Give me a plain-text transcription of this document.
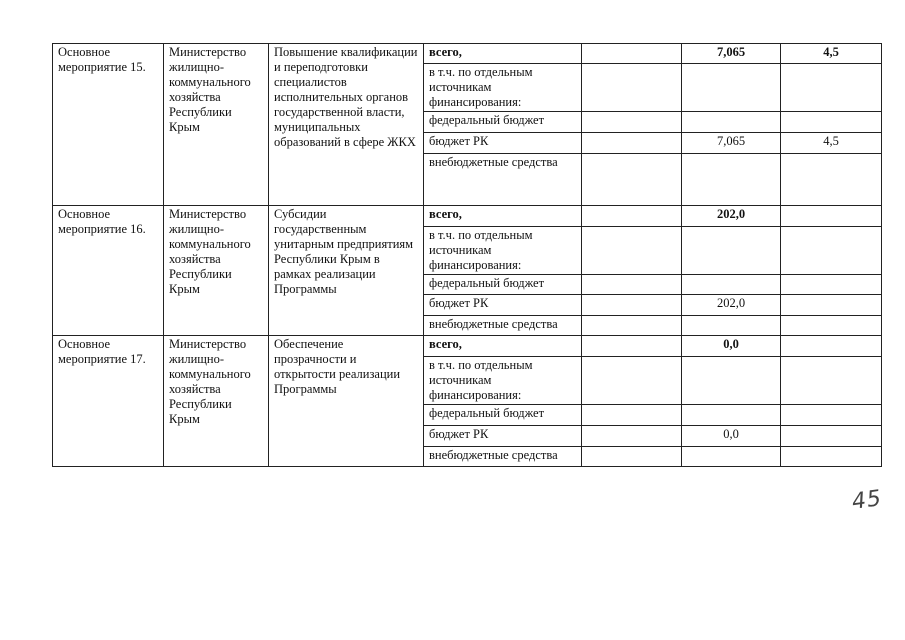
Основное мероприятие 15.	Министерство жилищно-коммунального хозяйства Республики Крым	Повышение квалификации и переподготовки специалистов исполнительных органов государственной власти, муниципальных образований в сфере ЖКХ	всего,		7,065	4,5
			в т.ч. по отдельным источникам финансирования:			
			федеральный бюджет			
			бюджет РК		7,065	4,5
			внебюджетные средства			
Основное мероприятие 16.	Министерство жилищно-коммунального хозяйства Республики Крым	Субсидии государственным унитарным предприятиям Республики Крым в рамках реализации Программы	всего,		202,0	
			в т.ч. по отдельным источникам финансирования:			
			федеральный бюджет			
			бюджет РК		202,0	
			внебюджетные средства			
Основное мероприятие 17.	Министерство жилищно-коммунального хозяйства Республики Крым	Обеспечение прозрачности и открытости реализации Программы	всего,		0,0	
			в т.ч. по отдельным источникам финансирования:			
			федеральный бюджет			
			бюджет РК		0,0	
			внебюджетные средства			
45
